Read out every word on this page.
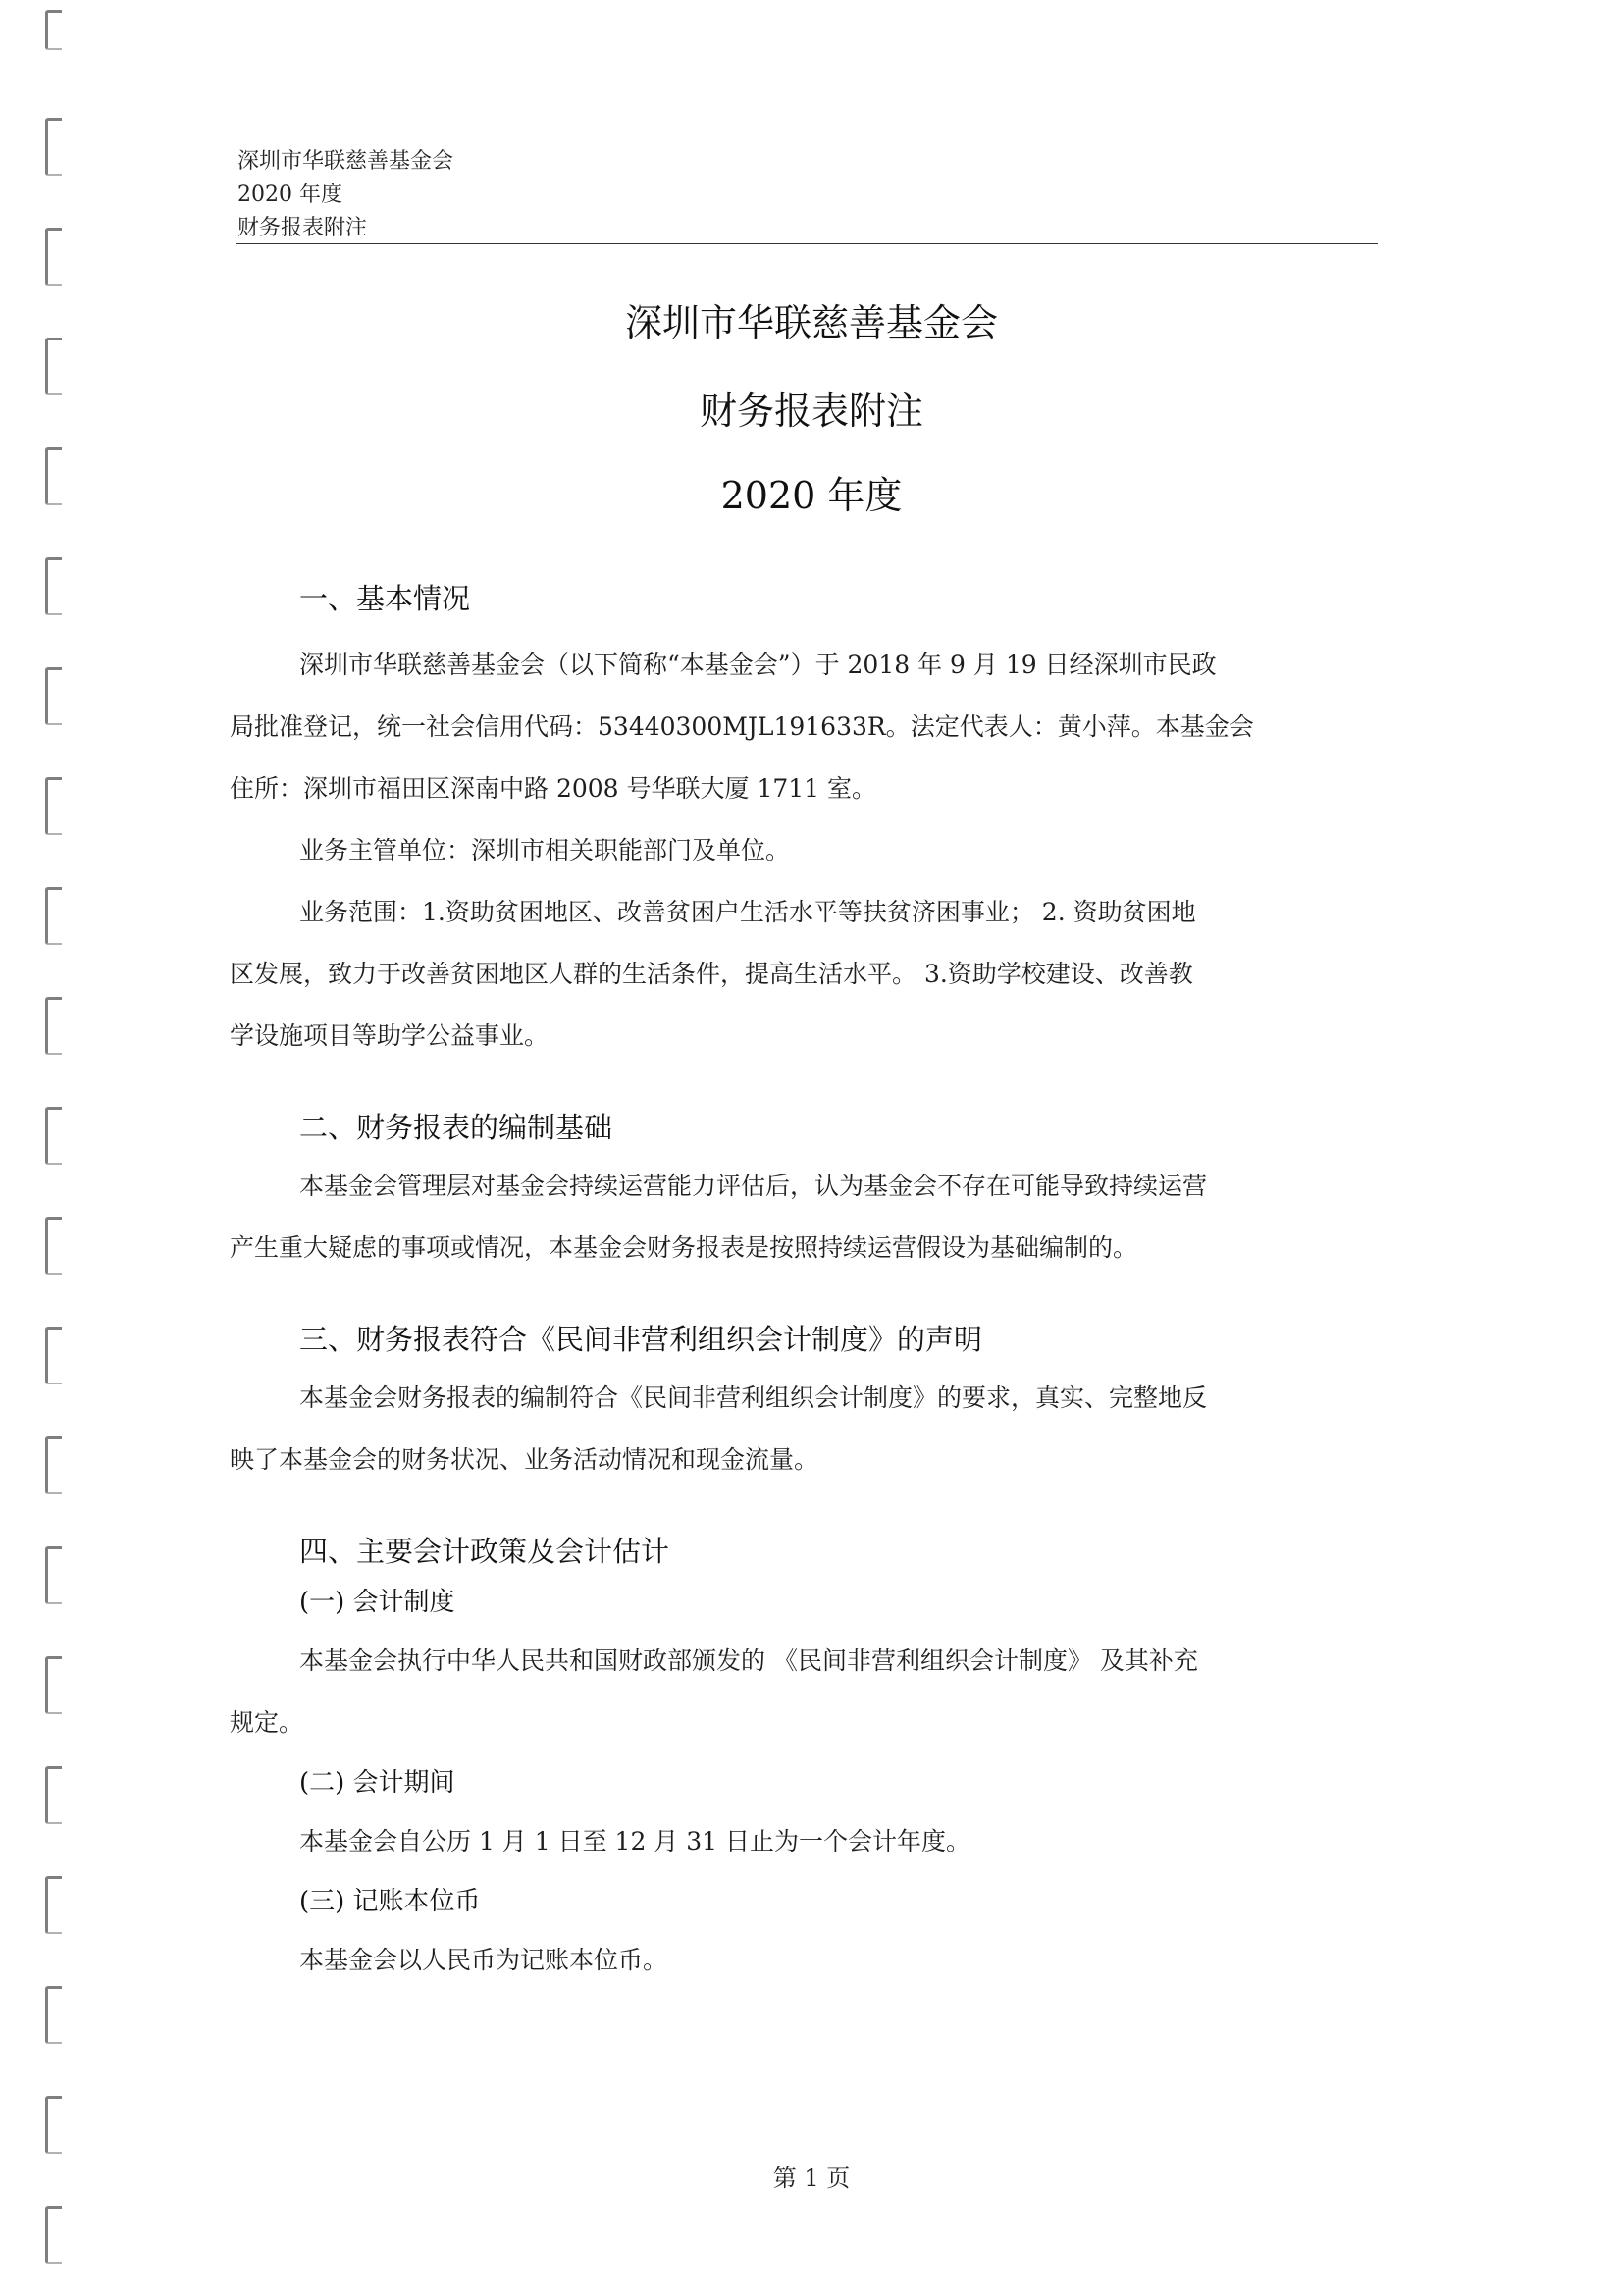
深圳市华联慈善基金会
2020 年度
财务报表附注
深圳市华联慈善基金会
财务报表附注
2020 年度
一、基本情况

深圳市华联慈善基金会（以下简称“本基金会”）于 2018 年 9 月 19 日经深圳市民政

局批准登记，统一社会信用代码：53440300MJL191633R。法定代表人：黄小萍。本基金会

住所：深圳市福田区深南中路 2008 号华联大厦 1711 室。

业务主管单位：深圳市相关职能部门及单位。

业务范围：1.资助贫困地区、改善贫困户生活水平等扶贫济困事业； 2. 资助贫困地

区发展，致力于改善贫困地区人群的生活条件，提高生活水平。 3.资助学校建设、改善教

学设施项目等助学公益事业。

二、财务报表的编制基础

本基金会管理层对基金会持续运营能力评估后，认为基金会不存在可能导致持续运营

产生重大疑虑的事项或情况，本基金会财务报表是按照持续运营假设为基础编制的。

三、财务报表符合《民间非营利组织会计制度》的声明

本基金会财务报表的编制符合《民间非营利组织会计制度》的要求，真实、完整地反

映了本基金会的财务状况、业务活动情况和现金流量。

四、主要会计政策及会计估计
(一) 会计制度

本基金会执行中华人民共和国财政部颁发的 《民间非营利组织会计制度》 及其补充

规定。

(二) 会计期间

本基金会自公历 1 月 1 日至 12 月 31 日止为一个会计年度。

(三) 记账本位币

本基金会以人民币为记账本位币。

第 1 页
